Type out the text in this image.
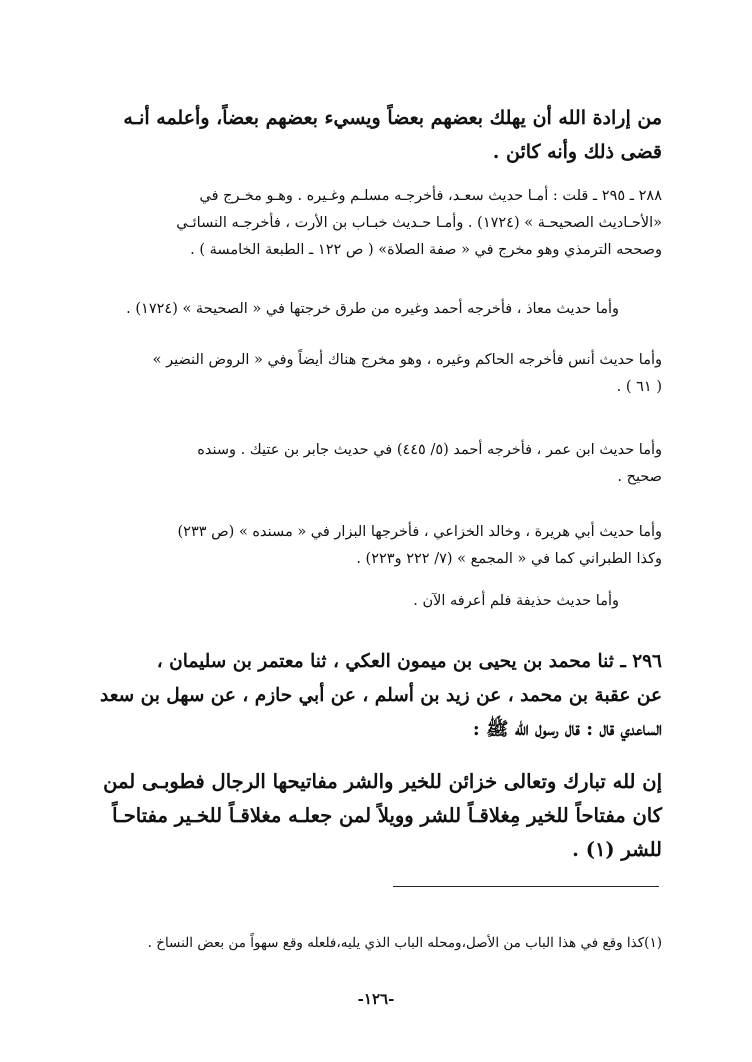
من إرادة الله أن يهلك بعضهم بعضاً ويسيء بعضهم بعضاً، وأعلمه أنـه
قضى ذلك وأنه كائن .
٢٨٨ ـ ٢٩٥ ـ قلت : أمـا حديث سعـد، فأخرجـه مسلـم وغـيره . وهـو مخـرج في
«الأحـاديث الصحيحـة » (١٧٢٤) . وأمـا حـديث خبـاب بن الأرت ، فأخرجـه النسائـي
وصححه الترمذي وهو مخرج في « صفة الصلاة» ( ص ١٢٢ ـ الطبعة الخامسة ) .
وأما حديث معاذ ، فأخرجه أحمد وغيره من طرق خرجتها في « الصحيحة » (١٧٢٤) .
وأما حديث أنس فأخرجه الحاكم وغيره ، وهو مخرج هناك أيضاً وفي « الروض النضير »
( ٦١ ) .
وأما حديث ابن عمر ، فأخرجه أحمد (٥/ ٤٤٥) في حديث جابر بن عتيك . وسنده
صحيح .
وأما حديث أبي هريرة ، وخالد الخزاعي ، فأخرجها البزار في « مسنده » (ص ٢٣٣)
وكذا الطبراني كما في « المجمع » (٧/ ٢٢٢ و٢٢٣) .
وأما حديث حذيفة فلم أعرفه الآن .
٢٩٦ ـ ثنا محمد بن يحيى بن ميمون العكي ، ثنا معتمر بن سليمان ،
عن عقبة بن محمد ، عن زيد بن أسلم ، عن أبي حازم ، عن سهل بن سعد
الساعدي قال : قال رسول الله ﷺ :
إن لله تبارك وتعالى خزائن للخير والشر مفاتيحها الرجال فطوبـى لمن
كان مفتاحاً للخير مِغلاقـاً للشر وويلاً لمن جعلـه مغلاقـاً للخـير مفتاحـاً
للشر (١) .
(١)كذا وقع في هذا الباب من الأصل،ومحله الباب الذي يليه،فلعله وقع سهواً من بعض النساخ .
-١٢٦-
